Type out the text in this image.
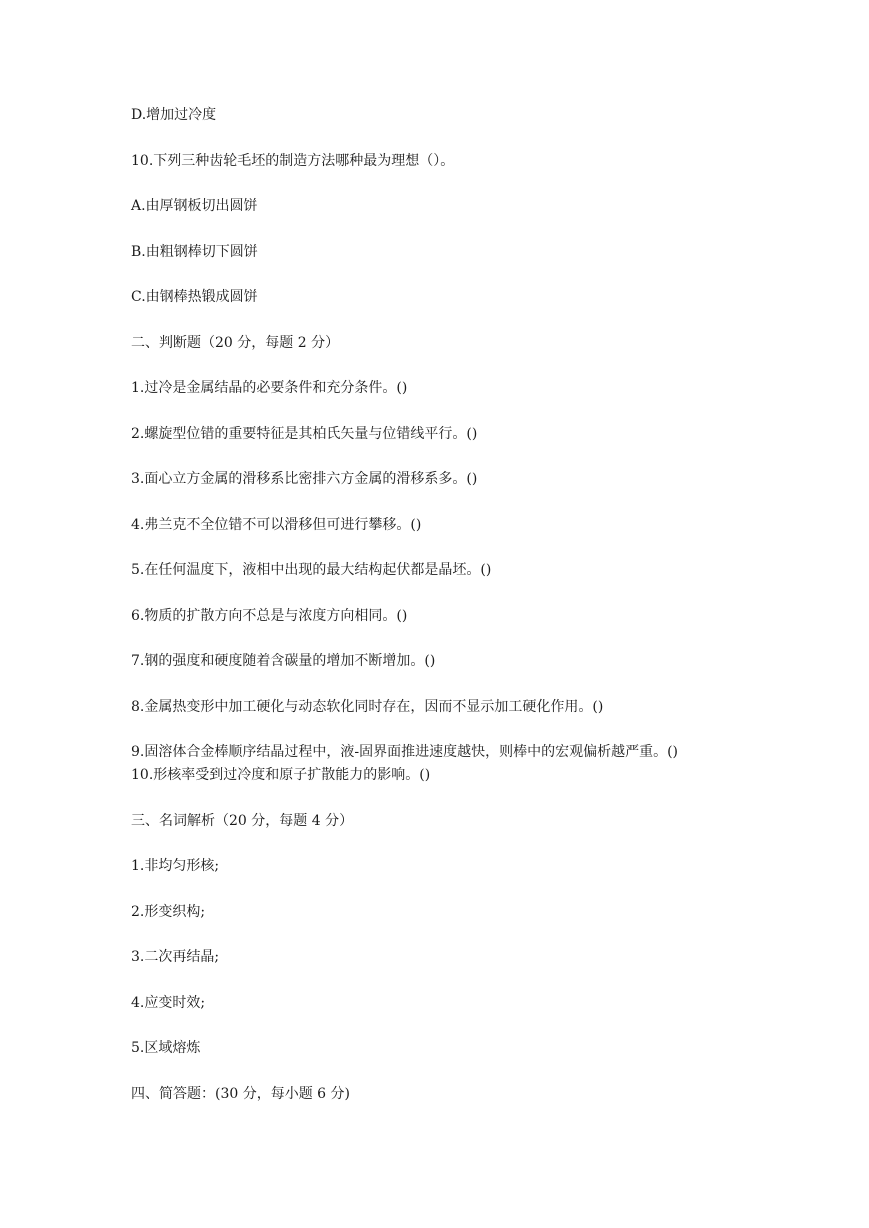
D.增加过冷度
10.下列三种齿轮毛坯的制造方法哪种最为理想（）。
A.由厚钢板切出圆饼
B.由粗钢棒切下圆饼
C.由钢棒热锻成圆饼
二、判断题（20 分，每题 2 分）
1.过冷是金属结晶的必要条件和充分条件。()
2.螺旋型位错的重要特征是其柏氏矢量与位错线平行。()
3.面心立方金属的滑移系比密排六方金属的滑移系多。()
4.弗兰克不全位错不可以滑移但可进行攀移。()
5.在任何温度下，液相中出现的最大结构起伏都是晶坯。()
6.物质的扩散方向不总是与浓度方向相同。()
7.钢的强度和硬度随着含碳量的增加不断增加。()
8.金属热变形中加工硬化与动态软化同时存在，因而不显示加工硬化作用。()
9.固溶体合金棒顺序结晶过程中，液-固界面推进速度越快，则棒中的宏观偏析越严重。()
10.形核率受到过冷度和原子扩散能力的影响。()
三、名词解析（20 分，每题 4 分）
1.非均匀形核;
2.形变织构;
3.二次再结晶;
4.应变时效;
5.区域熔炼
四、简答题：(30 分，每小题 6 分)
